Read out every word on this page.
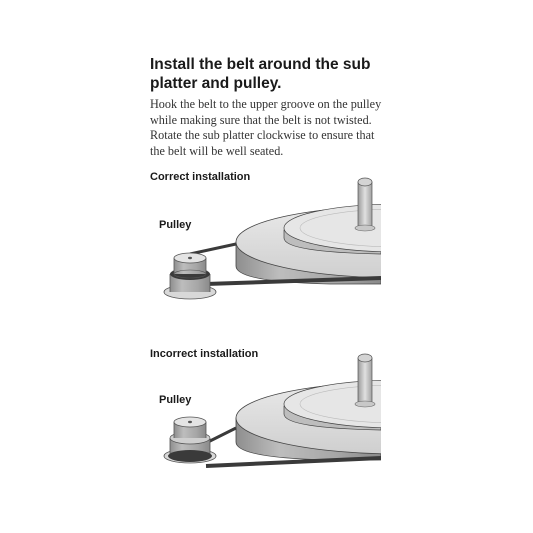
Install the belt around the sub platter and pulley.

Hook the belt to the upper groove on the pulley while making sure that the belt is not twisted. Rotate the sub platter clockwise to ensure that the belt will be well seated.

Correct installation
Pulley
Incorrect installation
Pulley
